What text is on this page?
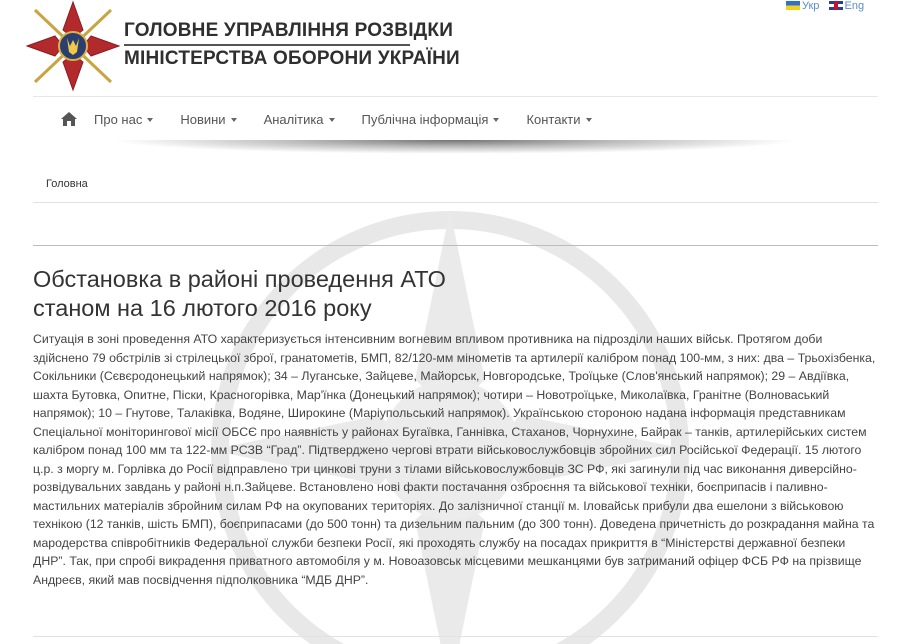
Укр Eng
ГОЛОВНЕ УПРАВЛІННЯ РОЗВІДКИ
МІНІСТЕРСТВА ОБОРОНИ УКРАЇНИ
Про нас	Новини	Аналітика	Публічна інформація	Контакти
Головна
Обстановка в районі проведення АТО
станом на 16 лютого 2016 року

Ситуація в зоні проведення АТО характеризується інтенсивним вогневим впливом противника на підрозділи наших військ. Протягом доби здійснено 79 обстрілів зі стрілецької зброї, гранатометів, БМП, 82/120-мм мінометів та артилерії калібром понад 100-мм, з них: два – Трьохізбенка, Сокільники (Сєвєродонецький напрямок); 34 – Луганське, Зайцеве, Майорськ, Новгородське, Троїцьке (Слов'янський напрямок); 29 – Авдіївка, шахта Бутовка, Опитне, Піски, Красногорівка, Мар'їнка (Донецький напрямок); чотири – Новотроїцьке, Миколаївка, Гранітне (Волноваський напрямок); 10 – Гнутове, Талаківка, Водяне, Широкине (Маріупольський напрямок). Українською стороною надана інформація представникам Спеціальної моніторингової місії ОБСЄ про наявність у районах Бугаївка, Ганнівка, Стаханов, Чорнухине, Байрак – танків, артилерійських систем калібром понад 100 мм та 122-мм РСЗВ “Град”. Підтверджено чергові втрати військовослужбовців збройних сил Російської Федерації. 15 лютого ц.р. з моргу м. Горлівка до Росії відправлено три цинкові труни з тілами військовослужбовців ЗС РФ, які загинули під час виконання диверсійно-розвідувальних завдань у районі н.п.Зайцеве. Встановлено нові факти постачання озброєння та військової техніки, боєприпасів і паливно-мастильних матеріалів збройним силам РФ на окупованих територіях. До залізничної станції м. Іловайськ прибули два ешелони з військовою технікою (12 танків, шість БМП), боєприпасами (до 500 тонн) та дизельним пальним (до 300 тонн). Доведена причетність до розкрадання майна та мародерства співробітників Федеральної служби безпеки Росії, які проходять службу на посадах прикриття в “Міністерстві державної безпеки ДНР”. Так, при спробі викрадення приватного автомобіля у м. Новоазовськ місцевими мешканцями був затриманий офіцер ФСБ РФ на прізвище Андреєв, який мав посвідчення підполковника “МДБ ДНР”.
